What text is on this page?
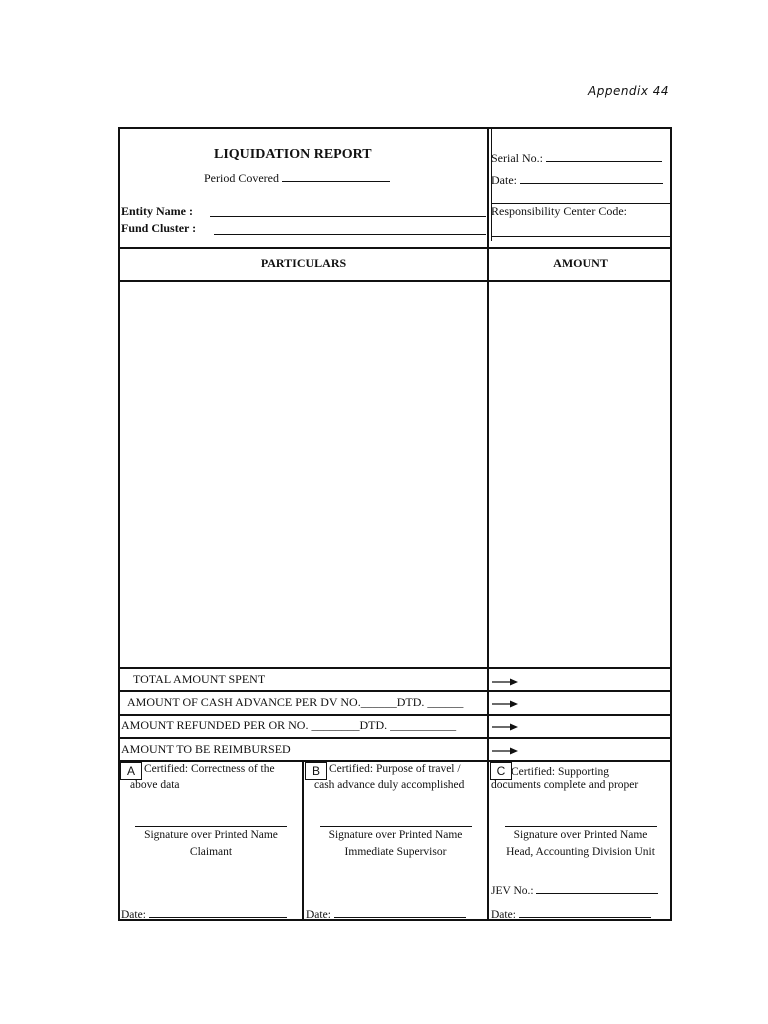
Appendix 44
LIQUIDATION REPORT
Period Covered
Entity Name :
Fund Cluster :
Serial No.:
Date:
Responsibility Center Code:
PARTICULARS	AMOUNT
TOTAL AMOUNT SPENT
AMOUNT OF CASH ADVANCE PER DV NO.______DTD. ______
AMOUNT REFUNDED PER OR NO. ________DTD. ___________
AMOUNT TO BE REIMBURSED
A Certified: Correctness of the
above data
Signature over Printed Name
Claimant
Date:
B Certified: Purpose of travel /
cash advance duly accomplished
Signature over Printed Name
Immediate Supervisor
Date:
C Certified: Supporting
documents complete and proper
Signature over Printed Name
Head, Accounting Division Unit
JEV No.:
Date:
